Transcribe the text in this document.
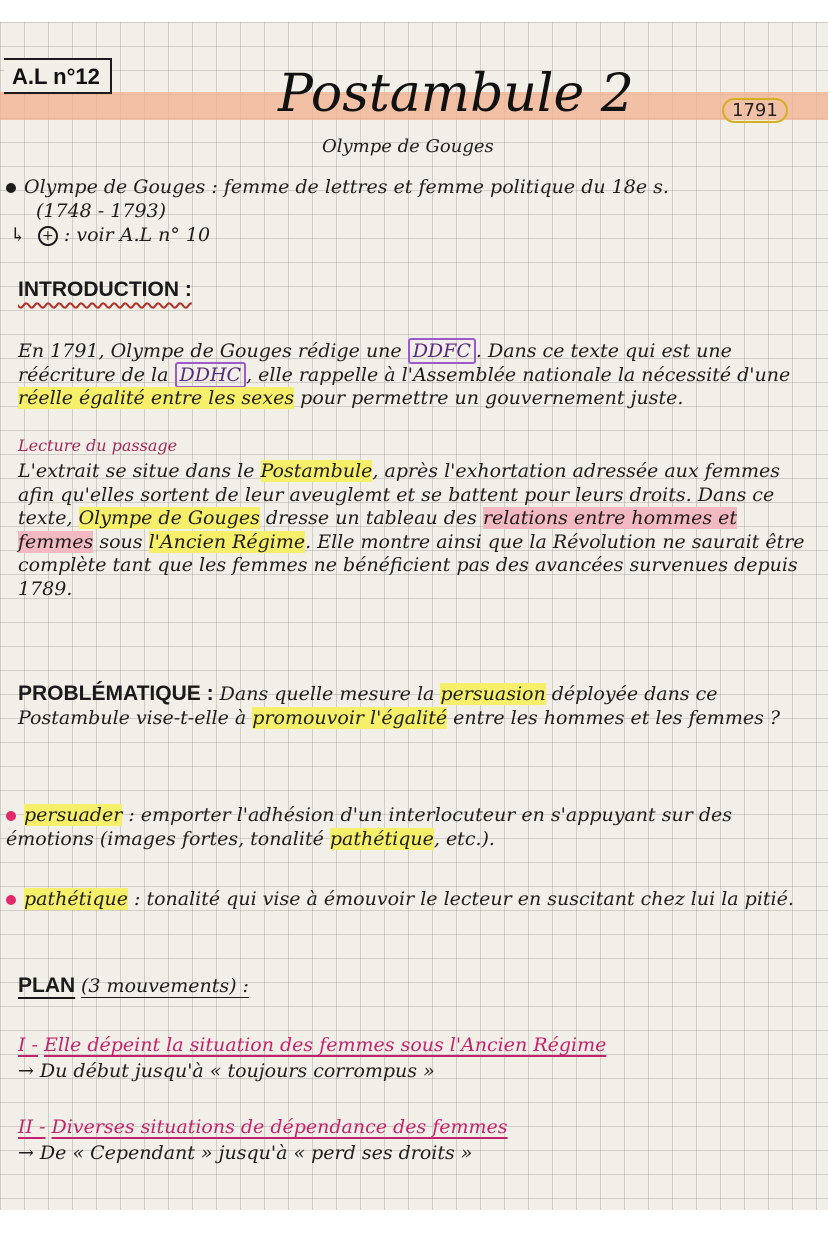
A.L n°12	Postambule 2	1791
Olympe de Gouges
Olympe de Gouges : femme de lettres et femme politique du 18e s.
(1748 - 1793)
↳ + : voir A.L n° 10
INTRODUCTION :
En 1791, Olympe de Gouges rédige une DDFC . Dans ce texte qui est une réécriture de la DDHC , elle rappelle à l'Assemblée nationale la nécessité d'une réelle égalité entre les sexes pour permettre un gouvernement juste.
Lecture du passage
L'extrait se situe dans le Postambule, après l'exhortation adressée aux femmes afin qu'elles sortent de leur aveuglemt et se battent pour leurs droits. Dans ce texte, Olympe de Gouges dresse un tableau des relations entre hommes et femmes sous l'Ancien Régime. Elle montre ainsi que la Révolution ne saurait être complète tant que les femmes ne bénéficient pas des avancées survenues depuis 1789.
PROBLÉMATIQUE : Dans quelle mesure la persuasion déployée dans ce Postambule vise-t-elle à promouvoir l'égalité entre les hommes et les femmes ?
persuader : emporter l'adhésion d'un interlocuteur en s'appuyant sur des émotions (images fortes, tonalité pathétique, etc.).
pathétique : tonalité qui vise à émouvoir le lecteur en suscitant chez lui la pitié.
PLAN (3 mouvements) :
I - Elle dépeint la situation des femmes sous l'Ancien Régime
→ Du début jusqu'à « toujours corrompus »
II - Diverses situations de dépendance des femmes
→ De « Cependant » jusqu'à « perd ses droits »
